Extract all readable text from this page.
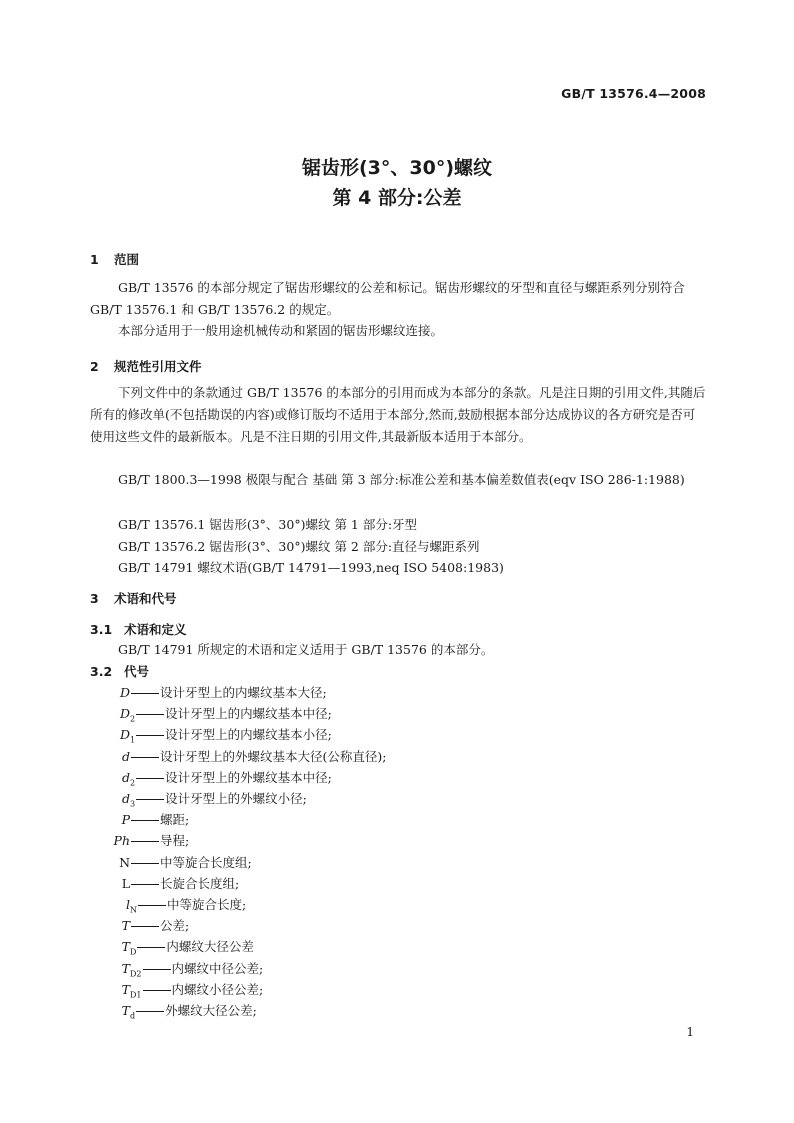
GB/T 13576.4—2008
锯齿形(3°、30°)螺纹
第 4 部分:公差
1 范围
GB/T 13576 的本部分规定了锯齿形螺纹的公差和标记。锯齿形螺纹的牙型和直径与螺距系列分别符合 GB/T 13576.1 和 GB/T 13576.2 的规定。
本部分适用于一般用途机械传动和紧固的锯齿形螺纹连接。
2 规范性引用文件
下列文件中的条款通过 GB/T 13576 的本部分的引用而成为本部分的条款。凡是注日期的引用文件,其随后所有的修改单(不包括勘误的内容)或修订版均不适用于本部分,然而,鼓励根据本部分达成协议的各方研究是否可使用这些文件的最新版本。凡是不注日期的引用文件,其最新版本适用于本部分。
GB/T 1800.3—1998 极限与配合 基础 第 3 部分:标准公差和基本偏差数值表(eqv ISO 286-1:1988)
GB/T 13576.1 锯齿形(3°、30°)螺纹 第 1 部分:牙型
GB/T 13576.2 锯齿形(3°、30°)螺纹 第 2 部分:直径与螺距系列
GB/T 14791 螺纹术语(GB/T 14791—1993,neq ISO 5408:1983)
3 术语和代号
3.1 术语和定义
GB/T 14791 所规定的术语和定义适用于 GB/T 13576 的本部分。
3.2 代号
D 设计牙型上的内螺纹基本大径;
$D_2$ 设计牙型上的内螺纹基本中径;
$D_1$ 设计牙型上的内螺纹基本小径;
d 设计牙型上的外螺纹基本大径(公称直径);
$d_2$ 设计牙型上的外螺纹基本中径;
$d_3$ 设计牙型上的外螺纹小径;
P 螺距;
Ph 导程;
N 中等旋合长度组;
L 长旋合长度组;
$l_N$ 中等旋合长度;
T 公差;
$T_D$ 内螺纹大径公差
$T_{D2}$ 内螺纹中径公差;
$T_{D1}$ 内螺纹小径公差;
$T_d$ 外螺纹大径公差;
1
